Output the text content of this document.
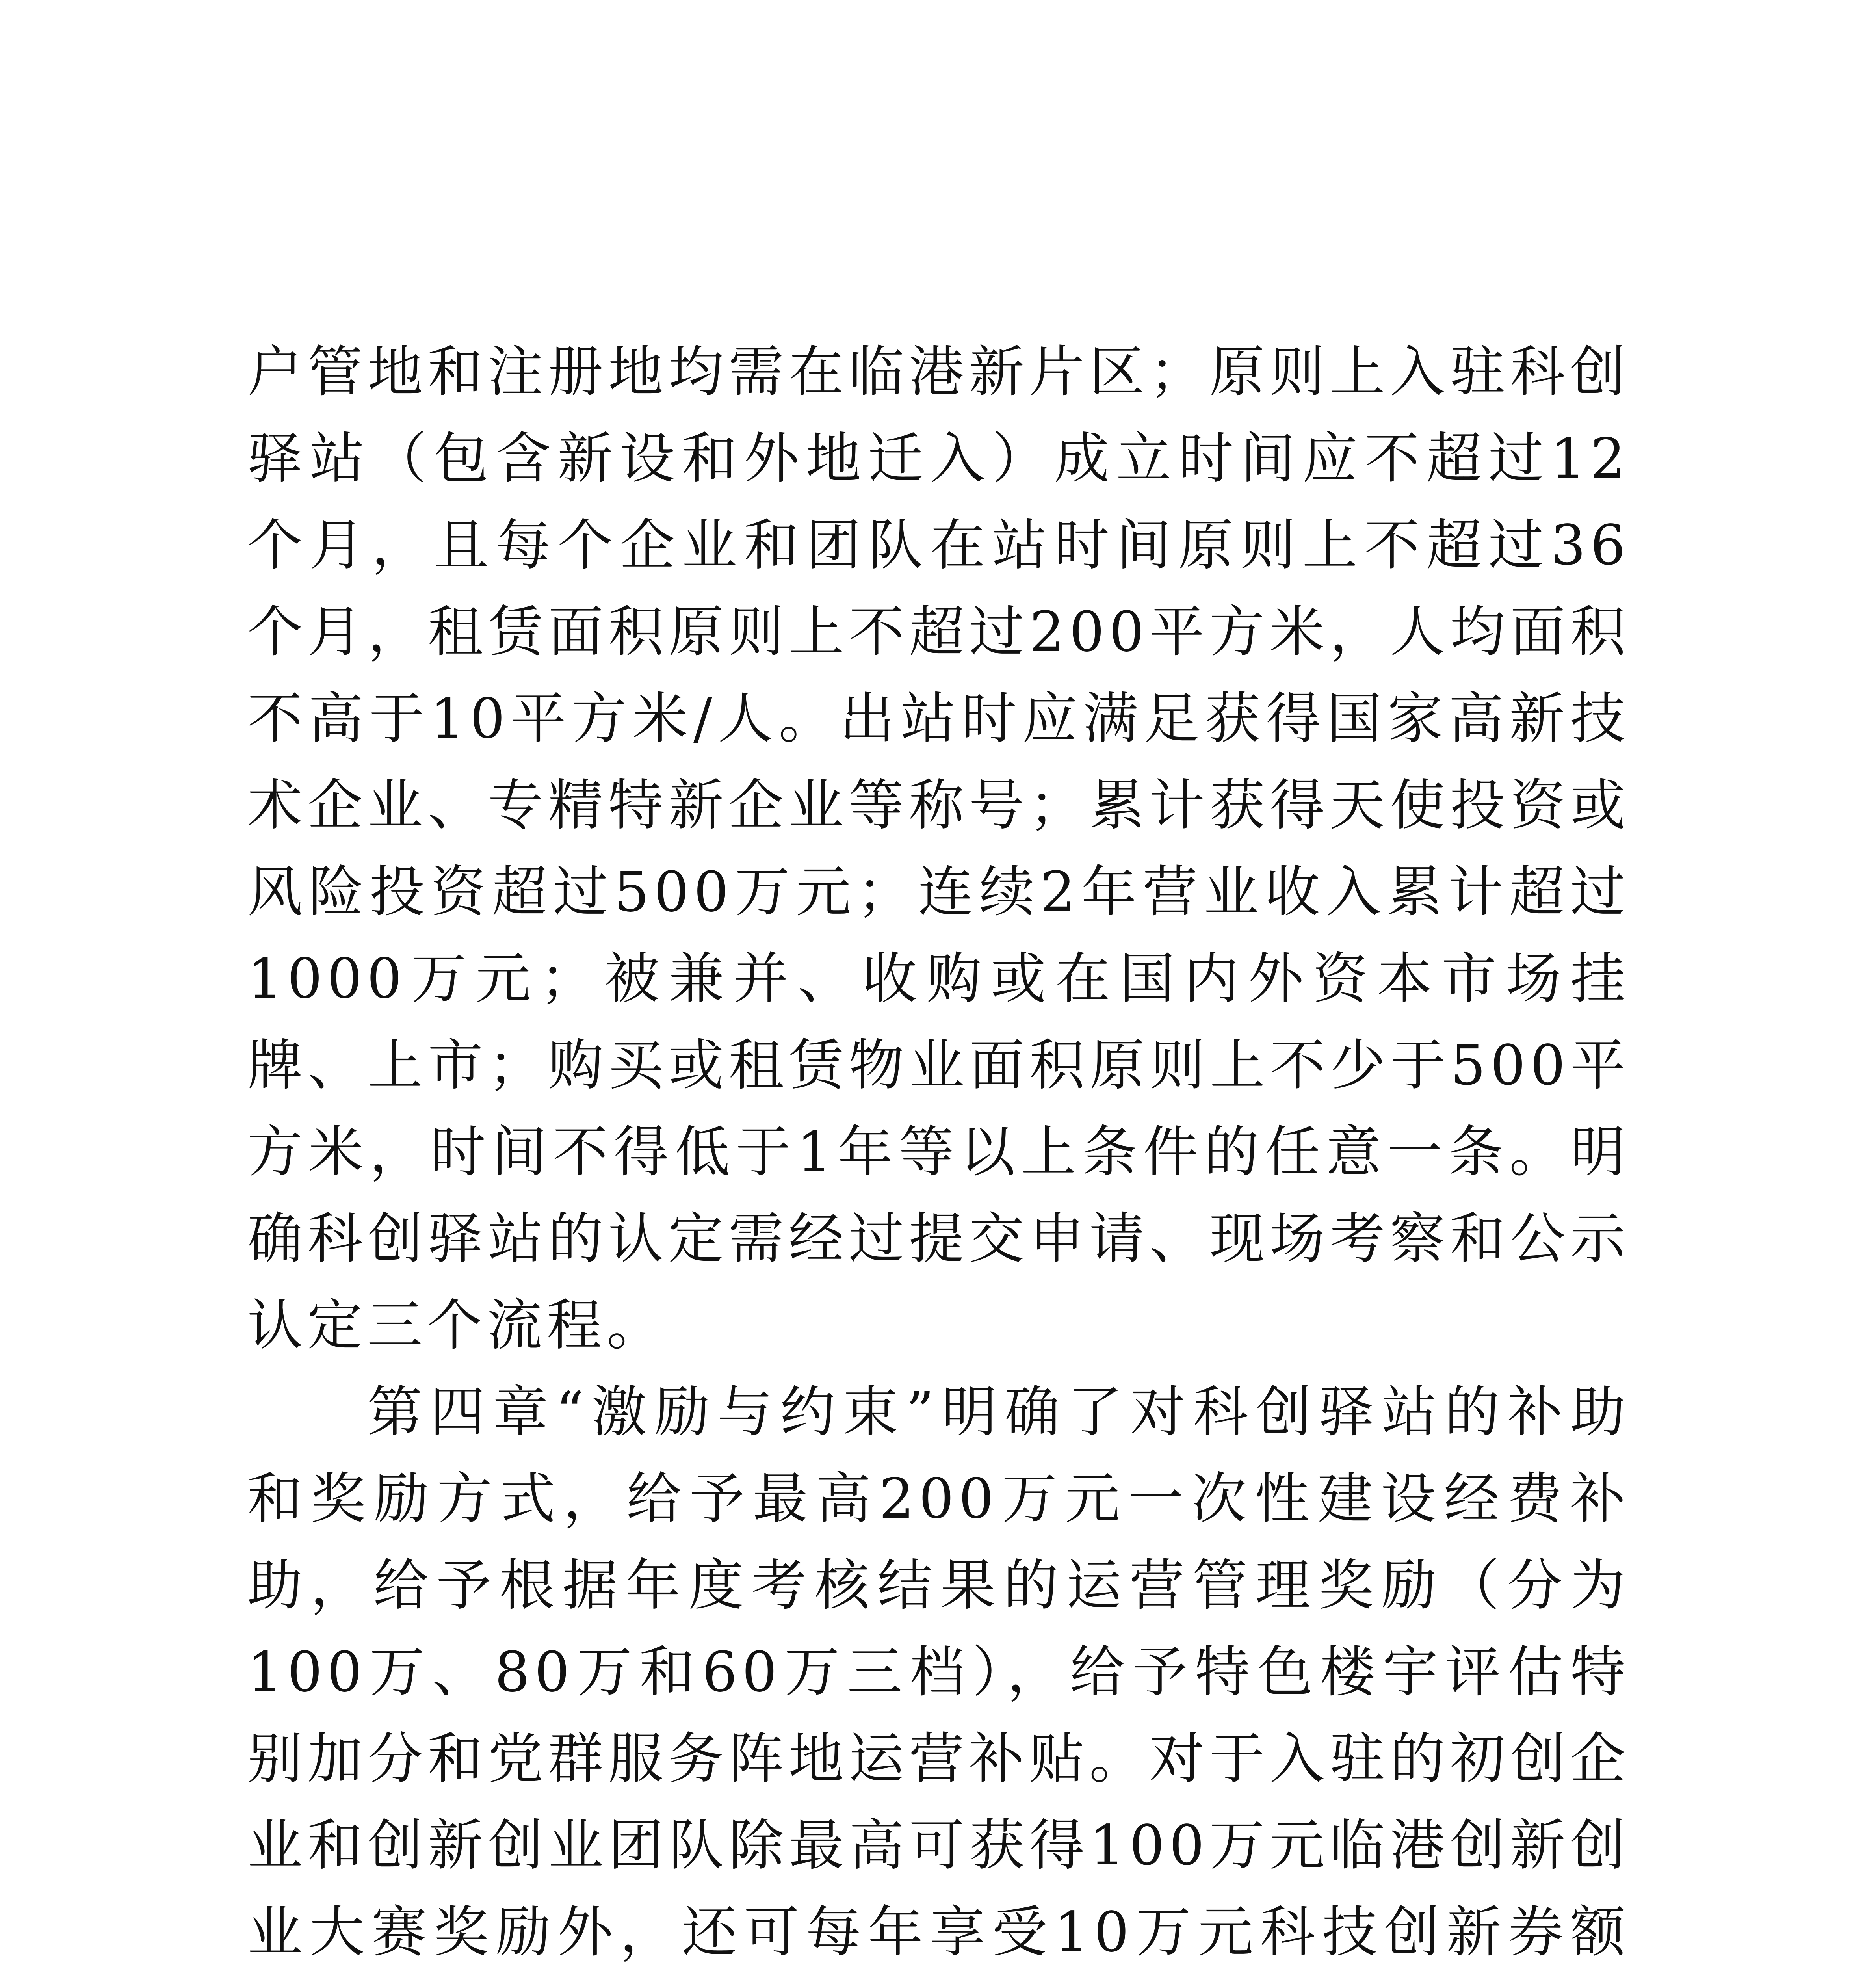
户管地和注册地均需在临港新片区；原则上入驻科创驿站（包含新设和外地迁入）成立时间应不超过12个月，且每个企业和团队在站时间原则上不超过36个月，租赁面积原则上不超过200平方米，人均面积不高于10平方米/人。出站时应满足获得国家高新技术企业、专精特新企业等称号；累计获得天使投资或风险投资超过500万元；连续2年营业收入累计超过1000万元；被兼并、收购或在国内外资本市场挂牌、上市；购买或租赁物业面积原则上不少于500平方米，时间不得低于1年等以上条件的任意一条。明确科创驿站的认定需经过提交申请、现场考察和公示认定三个流程。

第四章“激励与约束”明确了对科创驿站的补助和奖励方式，给予最高200万元一次性建设经费补助，给予根据年度考核结果的运营管理奖励（分为100万、80万和60万三档），给予特色楼宇评估特别加分和党群服务阵地运营补贴。对于入驻的初创企业和创新创业团队除最高可获得100万元临港创新创业大赛奖励外，还可每年享受10万元科技创新券额
